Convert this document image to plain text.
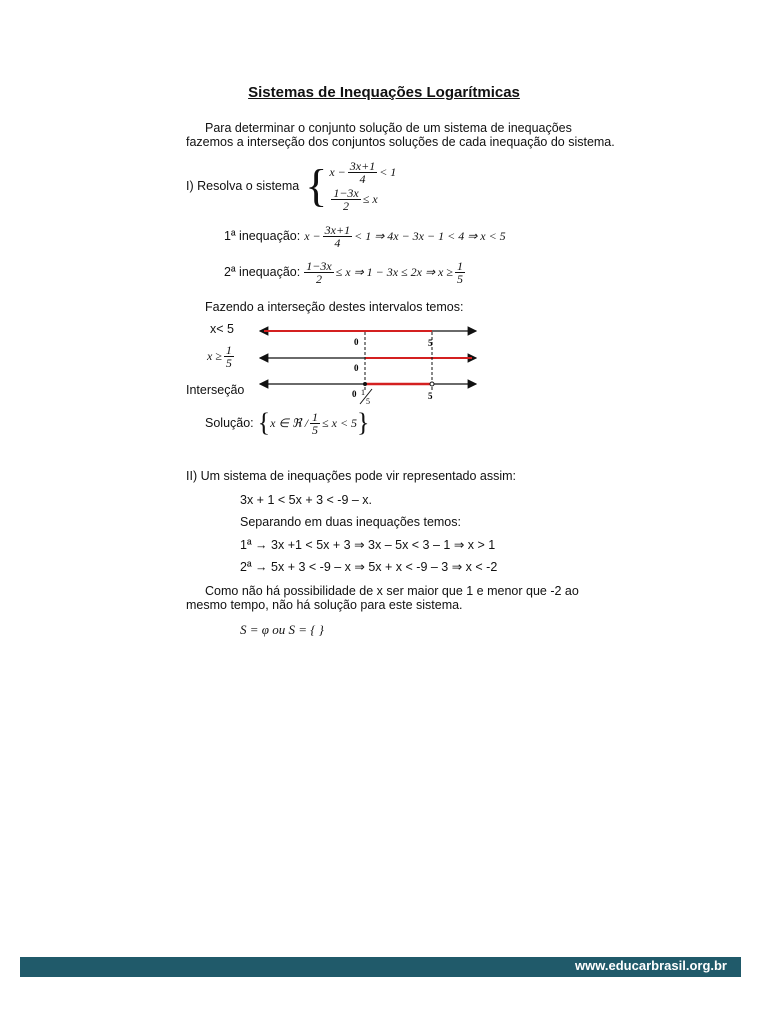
Sistemas de Inequações Logarítmicas
Para determinar o conjunto solução de um sistema de inequações
fazemos a interseção dos conjuntos soluções de cada inequação do sistema.
I) Resolva o sistema { $x - \frac{3x+1}{4} < 1$
$\frac{1-3x}{2} \le x$
1ª inequação: $x - \frac{3x+1}{4} < 1$ ⇒ 4x − 3x − 1 < 4 ⇒ x < 5
2ª inequação: $\frac{1-3x}{2} \le x$ ⇒ 1 − 3x ≤ 2x ⇒ $x \ge \frac{1}{5}$
Fazendo a interseção destes intervalos temos:
x< 5
$x \ge \frac{1}{5}$
Interseção
0	5
0
0 1
5
5
Solução: { x ∈ ℜ / $\frac{1}{5} \le x < 5$ }
II) Um sistema de inequações pode vir representado assim:
3x + 1 < 5x + 3 < -9 – x.
Separando em duas inequações temos:
1ª → 3x +1 < 5x + 3 ⇒ 3x – 5x < 3 – 1 ⇒ x > 1
2ª → 5x + 3 < -9 – x ⇒ 5x + x < -9 – 3 ⇒ x < -2
Como não há possibilidade de x ser maior que 1 e menor que -2 ao
mesmo tempo, não há solução para este sistema.
S = φ ou S = { }
www.educarbrasil.org.br
